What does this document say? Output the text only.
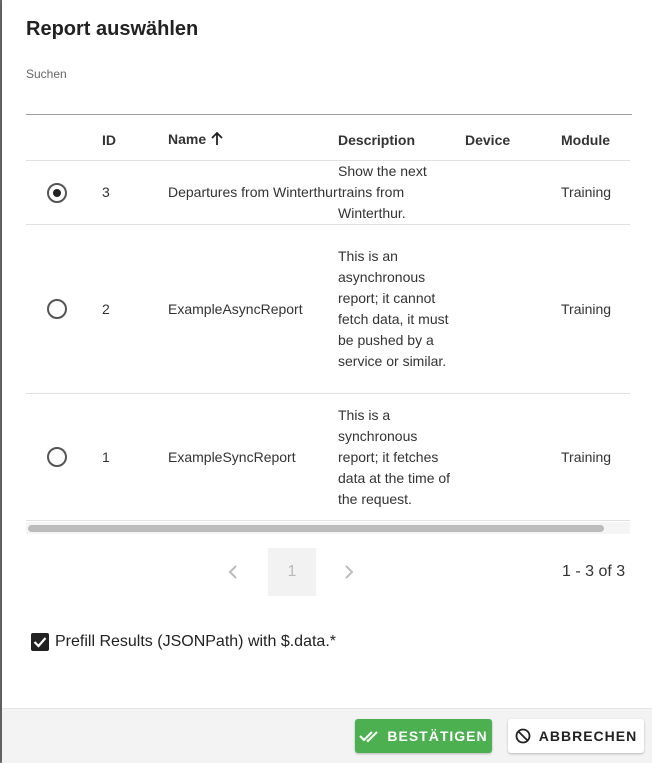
Report auswählen
Suchen
	ID	Name	Description	Device	Module

	3	Departures from Winterthur	Show the next trains from Winterthur.		Training

	2	ExampleAsyncReport	This is an asynchronous report; it cannot fetch data, it must be pushed by a service or similar.		Training

	1	ExampleSyncReport	This is a synchronous report; it fetches data at the time of the request.		Training
1	1 - 3 of 3
Prefill Results (JSONPath) with $.data.*
BESTÄTIGEN	ABBRECHEN
